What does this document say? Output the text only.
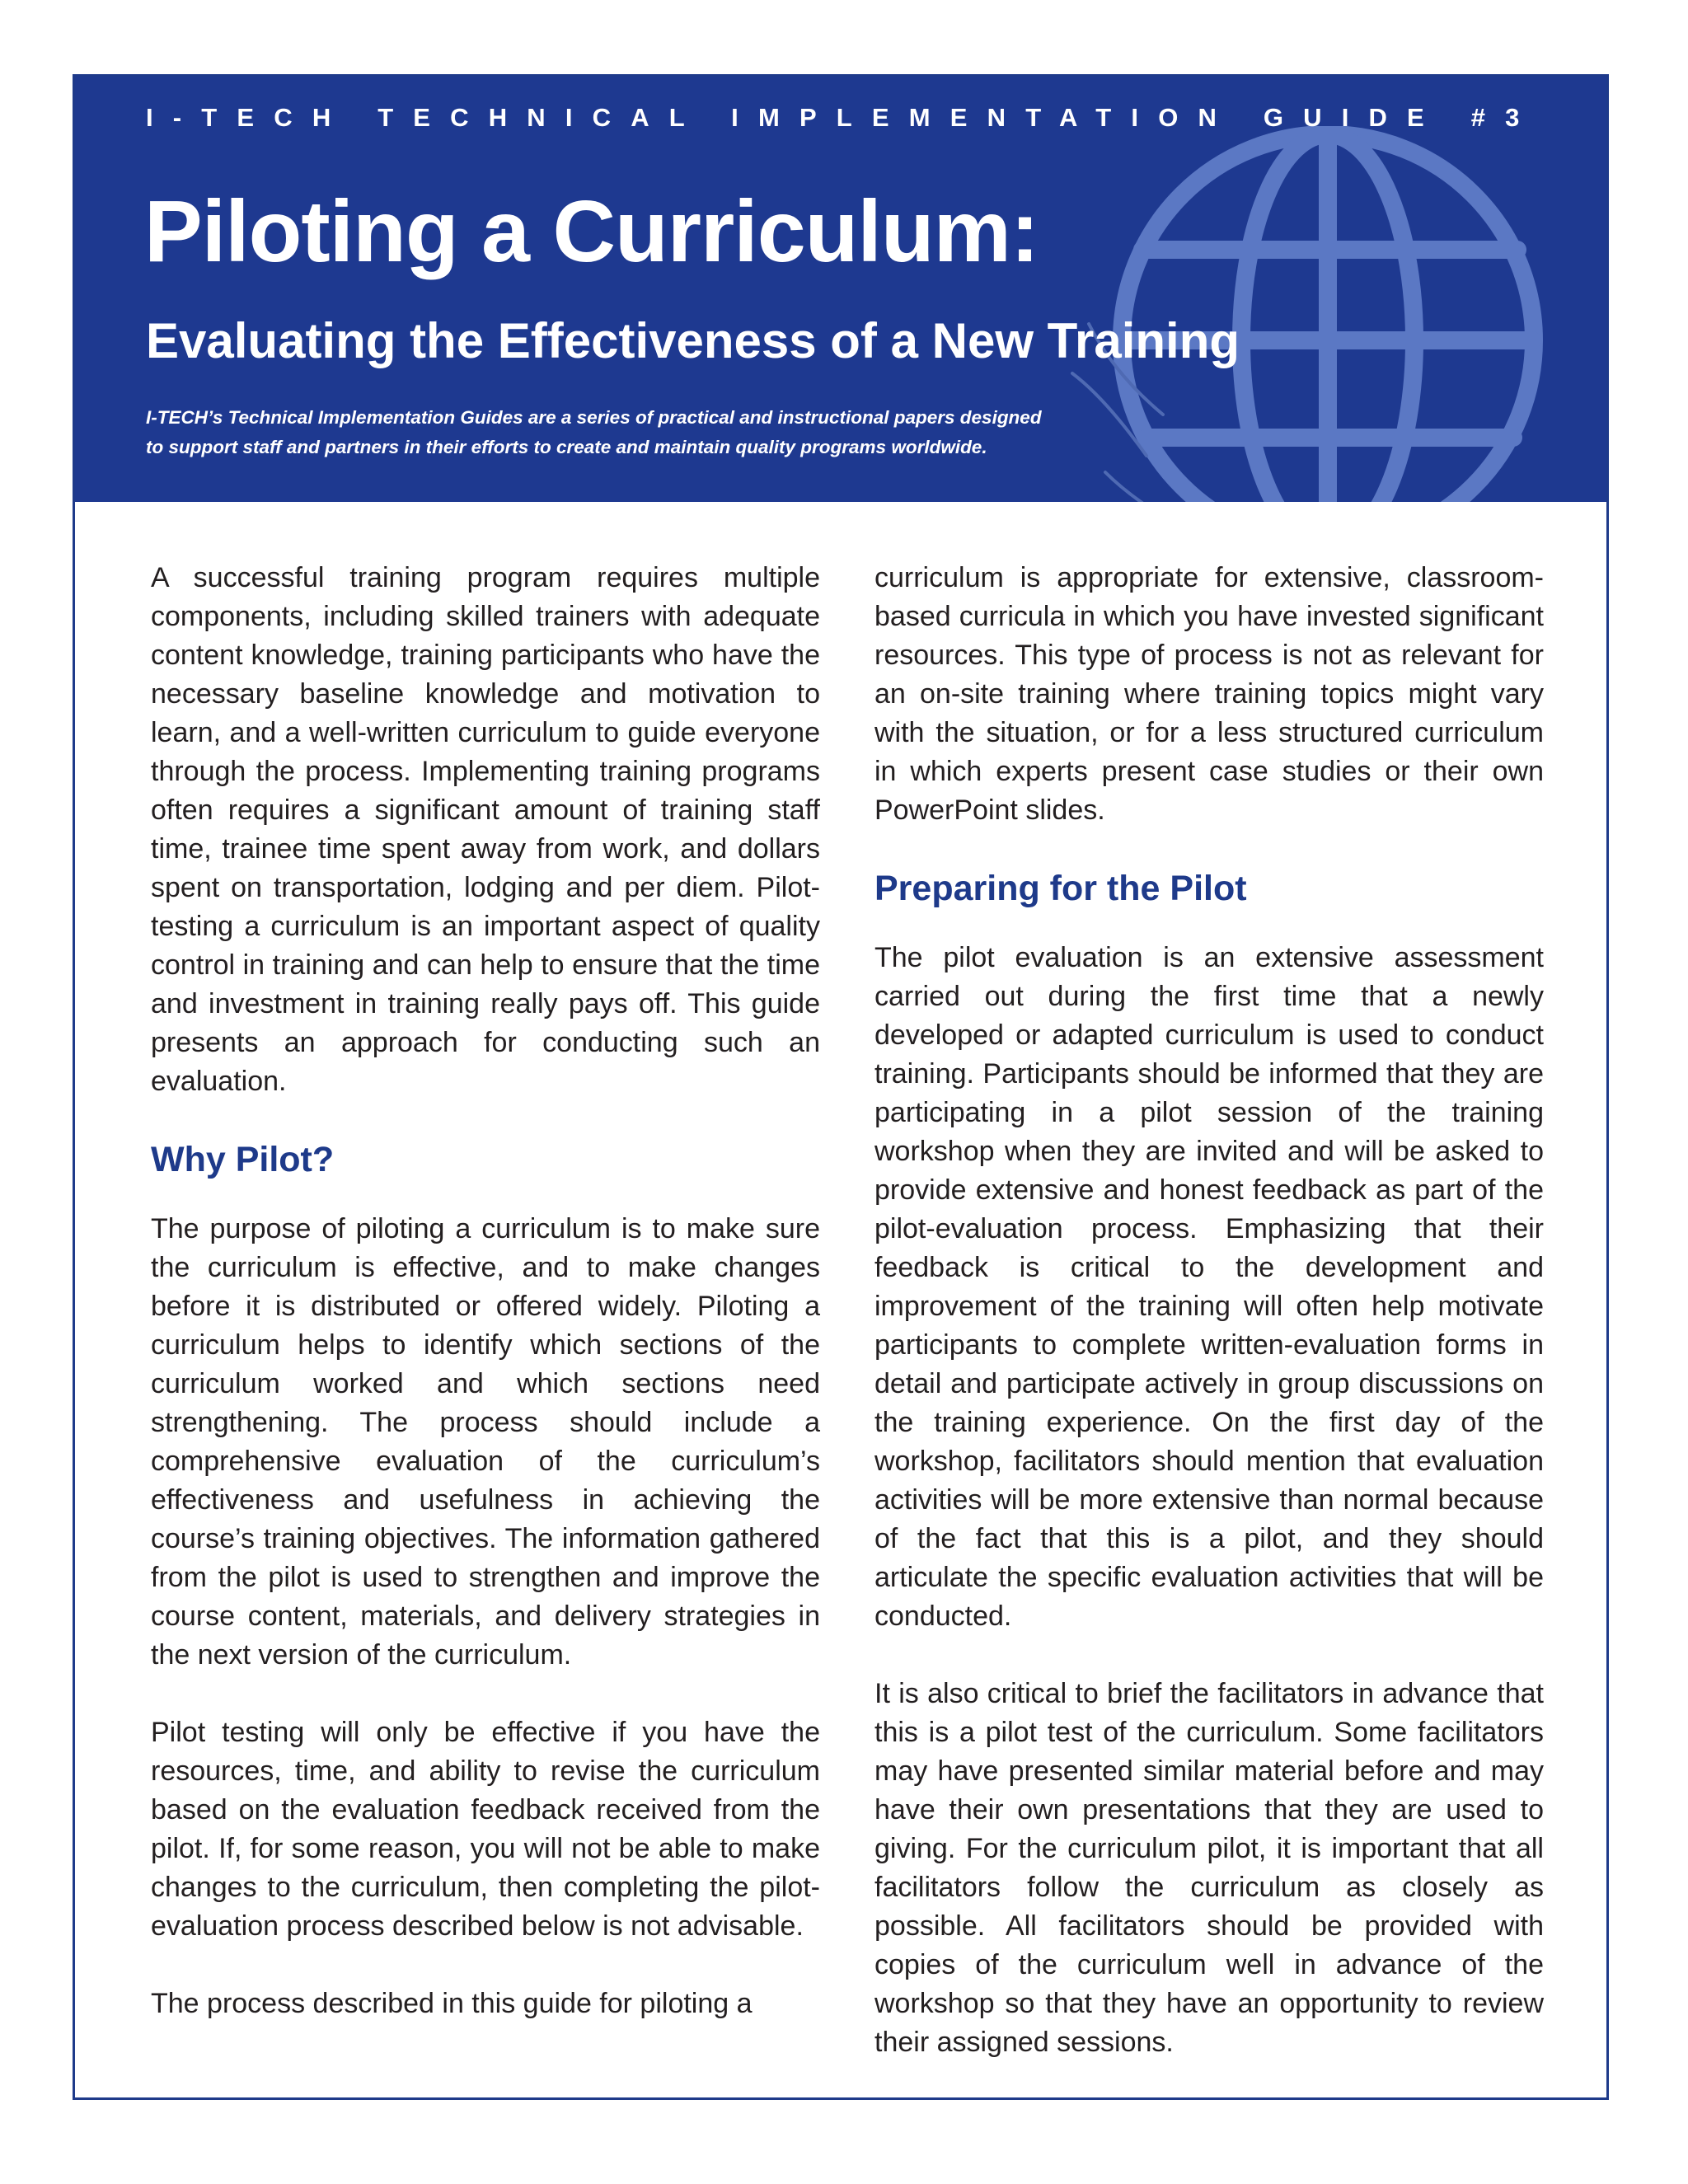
I-TECH TECHNICAL IMPLEMENTATION GUIDE #3
Piloting a Curriculum:
Evaluating the Effectiveness of a New Training
I-TECH’s Technical Implementation Guides are a series of practical and instructional papers designed
to support staff and partners in their efforts to create and maintain quality programs worldwide.

A successful training program requires multiple components, including skilled trainers with adequate content knowledge, training participants who have the necessary baseline knowledge and motivation to learn, and a well-written curriculum to guide everyone through the process. Implementing training programs often requires a significant amount of training staff time, trainee time spent away from work, and dollars spent on transportation, lodging and per diem. Pilot-testing a curriculum is an important aspect of quality control in training and can help to ensure that the time and investment in training really pays off. This guide presents an approach for conducting such an evaluation.

Why Pilot?

The purpose of piloting a curriculum is to make sure the curriculum is effective, and to make changes before it is distributed or offered widely. Piloting a curriculum helps to identify which sections of the curriculum worked and which sections need strengthening. The process should include a comprehensive evaluation of the curriculum’s effectiveness and usefulness in achieving the course’s training objectives. The information gathered from the pilot is used to strengthen and improve the course content, materials, and delivery strategies in the next version of the curriculum.

Pilot testing will only be effective if you have the resources, time, and ability to revise the curriculum based on the evaluation feedback received from the pilot. If, for some reason, you will not be able to make changes to the curriculum, then completing the pilot-evaluation process described below is not advisable.

The process described in this guide for piloting a

curriculum is appropriate for extensive, classroom-based curricula in which you have invested significant resources. This type of process is not as relevant for an on-site training where training topics might vary with the situation, or for a less structured curriculum in which experts present case studies or their own PowerPoint slides.

Preparing for the Pilot

The pilot evaluation is an extensive assessment carried out during the first time that a newly developed or adapted curriculum is used to conduct training. Participants should be informed that they are participating in a pilot session of the training workshop when they are invited and will be asked to provide extensive and honest feedback as part of the pilot-evaluation process. Emphasizing that their feedback is critical to the development and improvement of the training will often help motivate participants to complete written-evaluation forms in detail and participate actively in group discussions on the training experience. On the first day of the workshop, facilitators should mention that evaluation activities will be more extensive than normal because of the fact that this is a pilot, and they should articulate the specific evaluation activities that will be conducted.

It is also critical to brief the facilitators in advance that this is a pilot test of the curriculum. Some facilitators may have presented similar material before and may have their own presentations that they are used to giving. For the curriculum pilot, it is important that all facilitators follow the curriculum as closely as possible. All facilitators should be provided with copies of the curriculum well in advance of the workshop so that they have an opportunity to review their assigned sessions.
